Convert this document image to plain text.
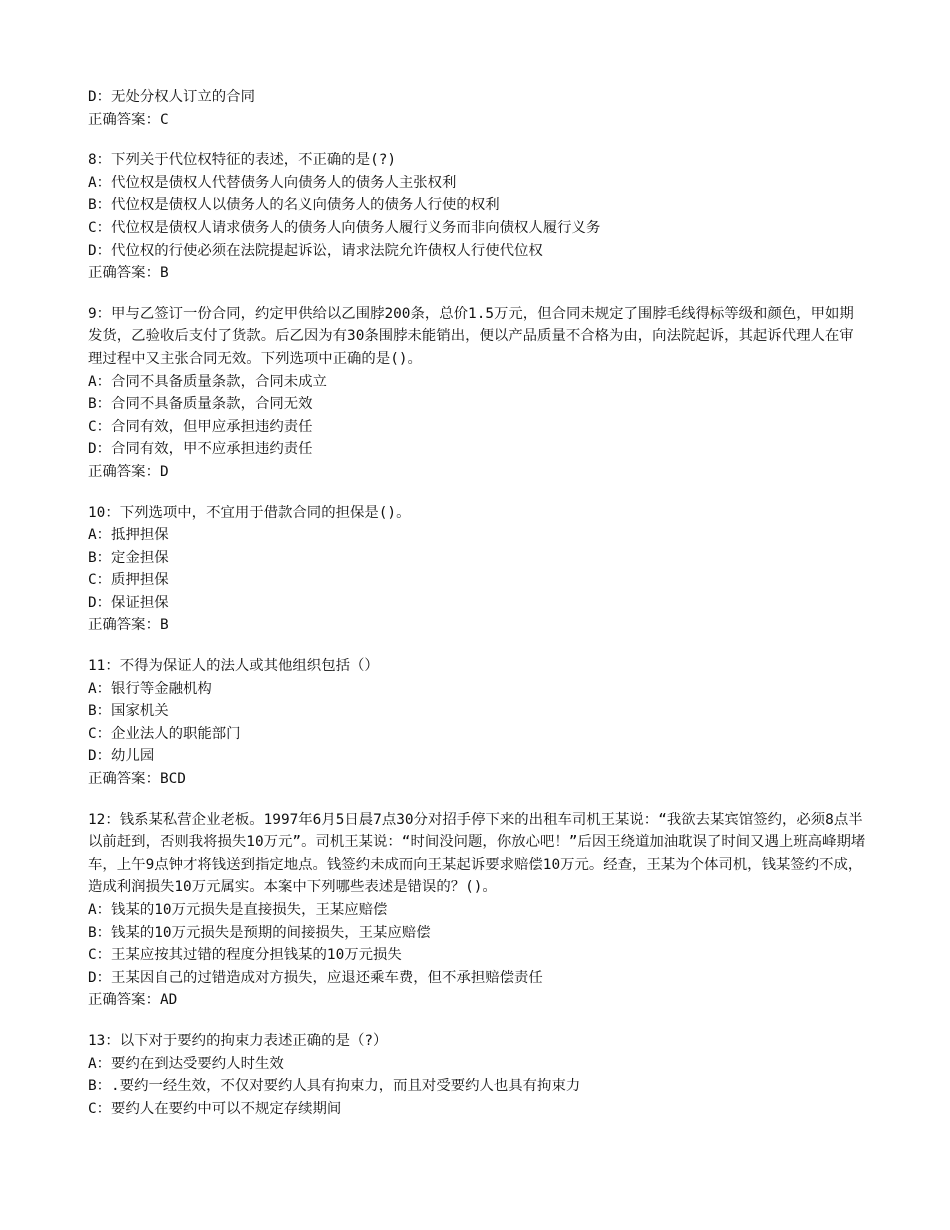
D：无处分权人订立的合同
正确答案：C
8：下列关于代位权特征的表述，不正确的是(?)
A：代位权是债权人代替债务人向债务人的债务人主张权利
B：代位权是债权人以债务人的名义向债务人的债务人行使的权利
C：代位权是债权人请求债务人的债务人向债务人履行义务而非向债权人履行义务
D：代位权的行使必须在法院提起诉讼，请求法院允许债权人行使代位权
正确答案：B
9：甲与乙签订一份合同，约定甲供给以乙围脖200条，总价1.5万元，但合同未规定了围脖毛线得标等级和颜色，甲如期发货，乙验收后支付了货款。后乙因为有30条围脖未能销出，便以产品质量不合格为由，向法院起诉，其起诉代理人在审理过程中又主张合同无效。下列选项中正确的是()。
A：合同不具备质量条款，合同未成立
B：合同不具备质量条款，合同无效
C：合同有效，但甲应承担违约责任
D：合同有效，甲不应承担违约责任
正确答案：D
10：下列选项中，不宜用于借款合同的担保是()。
A：抵押担保
B：定金担保
C：质押担保
D：保证担保
正确答案：B
11：不得为保证人的法人或其他组织包括（）
A：银行等金融机构
B：国家机关
C：企业法人的职能部门
D：幼儿园
正确答案：BCD
12：钱系某私营企业老板。1997年6月5日晨7点30分对招手停下来的出租车司机王某说：“我欲去某宾馆签约，必须8点半以前赶到，否则我将损失10万元”。司机王某说：“时间没问题，你放心吧！”后因王绕道加油耽误了时间又遇上班高峰期堵车，上午9点钟才将钱送到指定地点。钱签约未成而向王某起诉要求赔偿10万元。经查，王某为个体司机，钱某签约不成，造成利润损失10万元属实。本案中下列哪些表述是错误的？()。
A：钱某的10万元损失是直接损失，王某应赔偿
B：钱某的10万元损失是预期的间接损失，王某应赔偿
C：王某应按其过错的程度分担钱某的10万元损失
D：王某因自己的过错造成对方损失，应退还乘车费，但不承担赔偿责任
正确答案：AD
13：以下对于要约的拘束力表述正确的是（?）
A：要约在到达受要约人时生效
B：.要约一经生效，不仅对要约人具有拘束力，而且对受要约人也具有拘束力
C：要约人在要约中可以不规定存续期间
